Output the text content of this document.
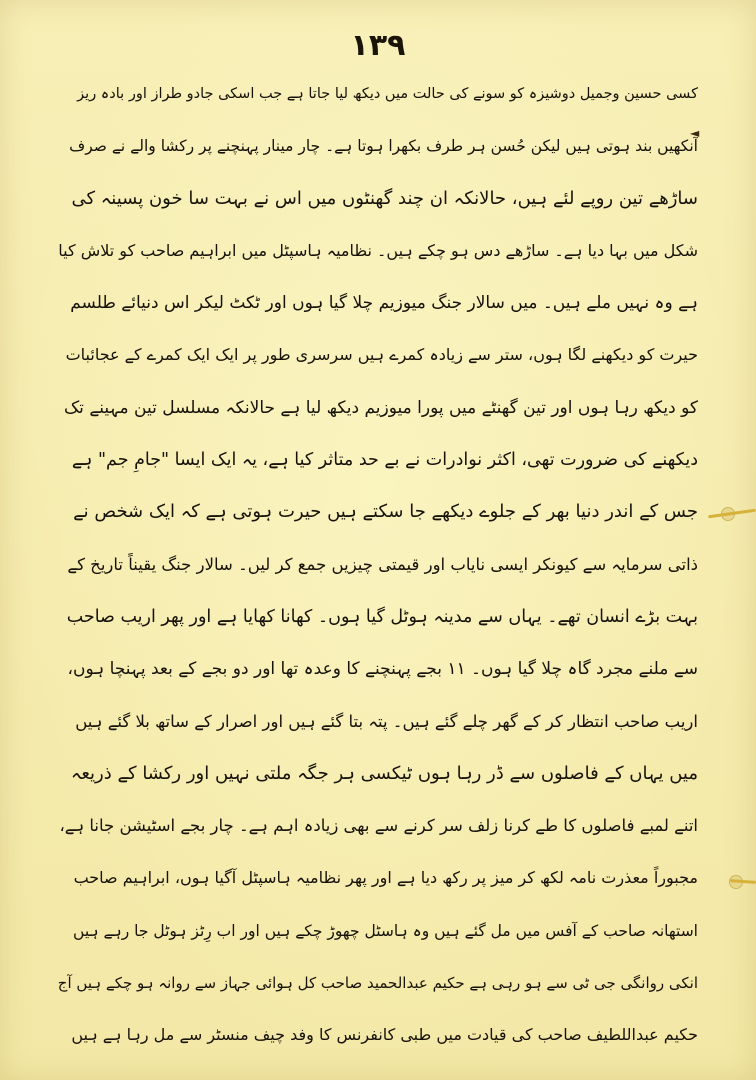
۱۳۹
کسی حسین وجمیل دوشیزہ کو سونے کی حالت میں دیکھ لیا جاتا ہے جب اسکی جادو طراز اور بادہ ریز
آنکھیں بند ہوتی ہیں لیکن حُسن ہر طرف بکھرا ہوتا ہے۔ چار مینار پہنچنے پر رکشا والے نے صرف
ساڑھے تین روپے لئے ہیں، حالانکہ ان چند گھنٹوں میں اس نے بہت سا خون پسینہ کی
شکل میں بہا دیا ہے۔ ساڑھے دس ہو چکے ہیں۔ نظامیہ ہاسپٹل میں ابراہیم صاحب کو تلاش کیا
ہے وہ نہیں ملے ہیں۔ میں سالار جنگ میوزیم چلا گیا ہوں اور ٹکٹ لیکر اس دنیائے طلسم
حیرت کو دیکھنے لگا ہوں، ستر سے زیادہ کمرے ہیں سرسری طور پر ایک ایک کمرے کے عجائبات
کو دیکھ رہا ہوں اور تین گھنٹے میں پورا میوزیم دیکھ لیا ہے حالانکہ مسلسل تین مہینے تک
دیکھنے کی ضرورت تھی، اکثر نوادرات نے بے حد متاثر کیا ہے، یہ ایک ایسا "جامِ جم" ہے
جس کے اندر دنیا بھر کے جلوے دیکھے جا سکتے ہیں حیرت ہوتی ہے کہ ایک شخص نے
ذاتی سرمایہ سے کیونکر ایسی نایاب اور قیمتی چیزیں جمع کر لیں۔ سالار جنگ یقیناً تاریخ کے
بہت بڑے انسان تھے۔ یہاں سے مدینہ ہوٹل گیا ہوں۔ کھانا کھایا ہے اور پھر اریب صاحب
سے ملنے مجرد گاہ چلا گیا ہوں۔ ۱۱ بجے پہنچنے کا وعدہ تھا اور دو بجے کے بعد پہنچا ہوں،
اریب صاحب انتظار کر کے گھر چلے گئے ہیں۔ پتہ بتا گئے ہیں اور اصرار کے ساتھ بلا گئے ہیں
میں یہاں کے فاصلوں سے ڈر رہا ہوں ٹیکسی ہر جگہ ملتی نہیں اور رکشا کے ذریعہ
اتنے لمبے فاصلوں کا طے کرنا زلف سر کرنے سے بھی زیادہ اہم ہے۔ چار بجے اسٹیشن جانا ہے،
مجبوراً معذرت نامہ لکھ کر میز پر رکھ دیا ہے اور پھر نظامیہ ہاسپٹل آگیا ہوں، ابراہیم صاحب
استھانہ صاحب کے آفس میں مل گئے ہیں وہ ہاسٹل چھوڑ چکے ہیں اور اب رِٹز ہوٹل جا رہے ہیں
انکی روانگی جی ٹی سے ہو رہی ہے حکیم عبدالحمید صاحب کل ہوائی جہاز سے روانہ ہو چکے ہیں آج
حکیم عبداللطیف صاحب کی قیادت میں طبی کانفرنس کا وفد چیف منسٹر سے مل رہا ہے ہیں
◄
